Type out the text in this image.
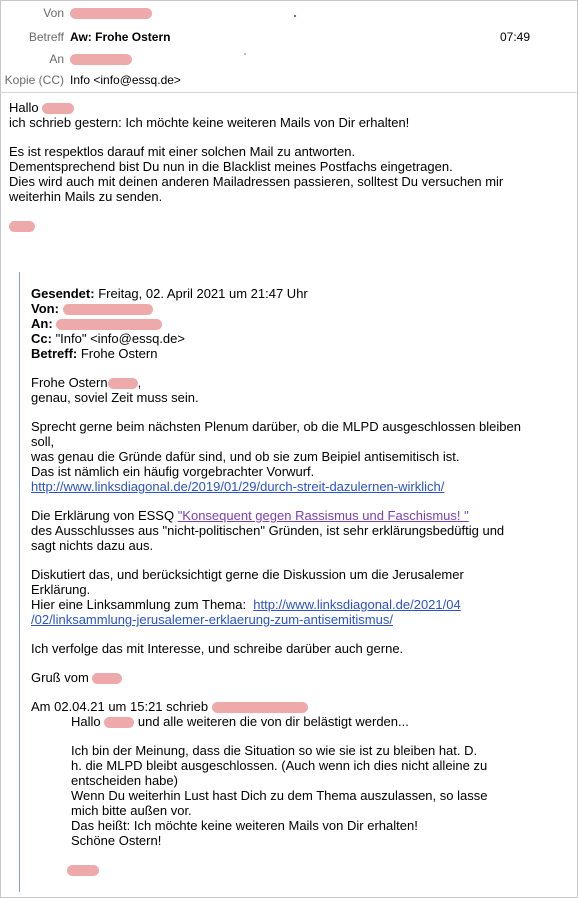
Von
Betreff Aw: Frohe Ostern	07:49
An
Kopie (CC) Info <info@essq.de>
Hallo
ich schrieb gestern: Ich möchte keine weiteren Mails von Dir erhalten!
Es ist respektlos darauf mit einer solchen Mail zu antworten.
Dementsprechend bist Du nun in die Blacklist meines Postfachs eingetragen.
Dies wird auch mit deinen anderen Mailadressen passieren, solltest Du versuchen mir
weiterhin Mails zu senden.
Gesendet: Freitag, 02. April 2021 um 21:47 Uhr
Von:
An:
Cc: "Info" <info@essq.de>
Betreff: Frohe Ostern
Frohe Ostern ,
genau, soviel Zeit muss sein.
Sprecht gerne beim nächsten Plenum darüber, ob die MLPD ausgeschlossen bleiben
soll,
was genau die Gründe dafür sind, und ob sie zum Beipiel antisemitisch ist.
Das ist nämlich ein häufig vorgebrachter Vorwurf.
http://www.linksdiagonal.de/2019/01/29/durch-streit-dazulernen-wirklich/
Die Erklärung von ESSQ "Konsequent gegen Rassismus und Faschismus! "
des Ausschlusses aus "nicht-politischen" Gründen, ist sehr erklärungsbedüftig und
sagt nichts dazu aus.
Diskutiert das, und berücksichtigt gerne die Diskussion um die Jerusalemer
Erklärung.
Hier eine Linksammlung zum Thema:  http://www.linksdiagonal.de/2021/04
/02/linksammlung-jerusalemer-erklaerung-zum-antisemitismus/
Ich verfolge das mit Interesse, und schreibe darüber auch gerne.
Gruß vom
Am 02.04.21 um 15:21 schrieb
Hallo	und alle weiteren die von dir belästigt werden...
Ich bin der Meinung, dass die Situation so wie sie ist zu bleiben hat. D.
h. die MLPD bleibt ausgeschlossen. (Auch wenn ich dies nicht alleine zu
entscheiden habe)
Wenn Du weiterhin Lust hast Dich zu dem Thema auszulassen, so lasse
mich bitte außen vor.
Das heißt: Ich möchte keine weiteren Mails von Dir erhalten!
Schöne Ostern!
